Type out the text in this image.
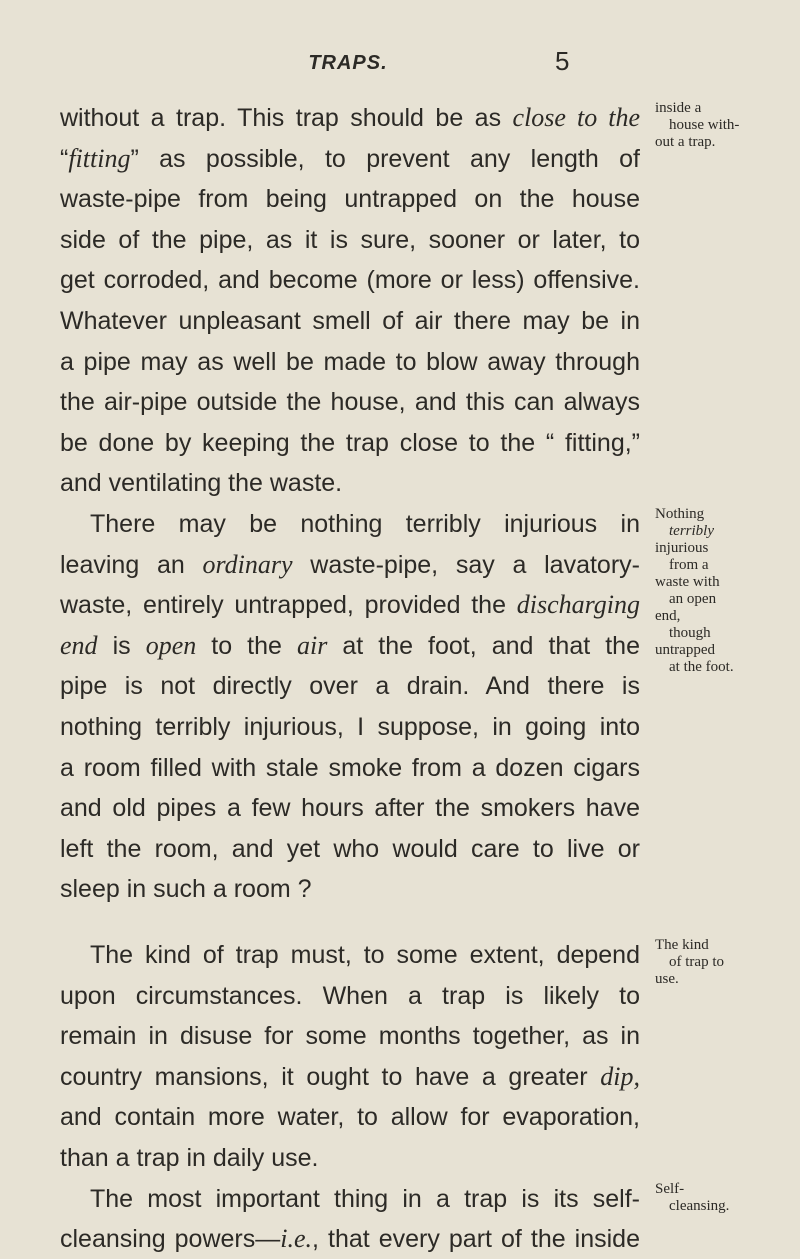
TRAPS.	5
without a trap. This trap should be as close to the
“fitting” as possible, to prevent any length of
waste-pipe from being untrapped on the house
side of the pipe, as it is sure, sooner or later, to
get corroded, and become (more or less) offensive.
Whatever unpleasant smell of air there may be in
a pipe may as well be made to blow away through
the air-pipe outside the house, and this can always
be done by keeping the trap close to the “ fitting,”
and ventilating the waste.
There may be nothing terribly injurious in
leaving an ordinary waste-pipe, say a lavatory-
waste, entirely untrapped, provided the discharging
end is open to the air at the foot, and that the
pipe is not directly over a drain. And there is
nothing terribly injurious, I suppose, in going into
a room filled with stale smoke from a dozen cigars
and old pipes a few hours after the smokers have
left the room, and yet who would care to live or
sleep in such a room ?
The kind of trap must, to some extent, depend
upon circumstances. When a trap is likely to
remain in disuse for some months together, as in
country mansions, it ought to have a greater dip,
and contain more water, to allow for evaporation,
than a trap in daily use.
The most important thing in a trap is its self-
cleansing powers—i.e., that every part of the inside
inside a
house with-
out a trap.
Nothing
terribly
injurious
from a
waste with
an open
end,
though
untrapped
at the foot.
The kind
of trap to
use.
Self-
cleansing.
